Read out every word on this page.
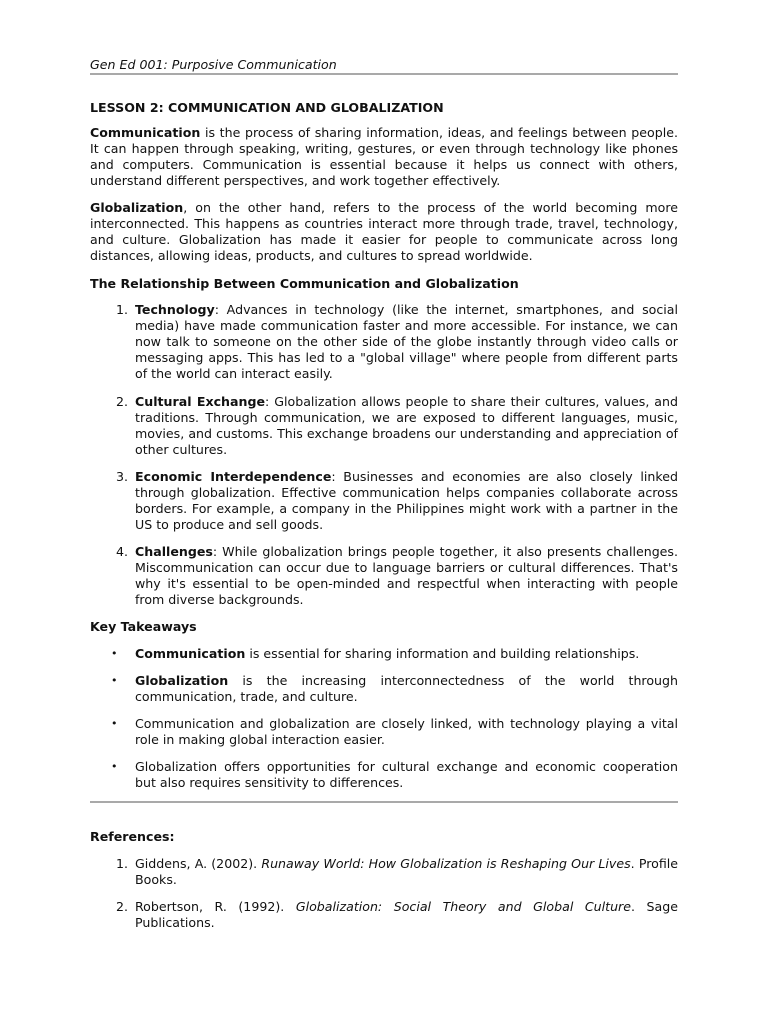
Gen Ed 001: Purposive Communication
LESSON 2: COMMUNICATION AND GLOBALIZATION

Communication is the process of sharing information, ideas, and feelings between people. It can happen through speaking, writing, gestures, or even through technology like phones and computers. Communication is essential because it helps us connect with others, understand different perspectives, and work together effectively.

Globalization, on the other hand, refers to the process of the world becoming more interconnected. This happens as countries interact more through trade, travel, technology, and culture. Globalization has made it easier for people to communicate across long distances, allowing ideas, products, and cultures to spread worldwide.

The Relationship Between Communication and Globalization

1. Technology: Advances in technology (like the internet, smartphones, and social media) have made communication faster and more accessible. For instance, we can now talk to someone on the other side of the globe instantly through video calls or messaging apps. This has led to a "global village" where people from different parts of the world can interact easily.

2. Cultural Exchange: Globalization allows people to share their cultures, values, and traditions. Through communication, we are exposed to different languages, music, movies, and customs. This exchange broadens our understanding and appreciation of other cultures.

3. Economic Interdependence: Businesses and economies are also closely linked through globalization. Effective communication helps companies collaborate across borders. For example, a company in the Philippines might work with a partner in the US to produce and sell goods.

4. Challenges: While globalization brings people together, it also presents challenges. Miscommunication can occur due to language barriers or cultural differences. That's why it's essential to be open-minded and respectful when interacting with people from diverse backgrounds.

Key Takeaways

• Communication is essential for sharing information and building relationships.

• Globalization is the increasing interconnectedness of the world through communication, trade, and culture.

• Communication and globalization are closely linked, with technology playing a vital role in making global interaction easier.

• Globalization offers opportunities for cultural exchange and economic cooperation but also requires sensitivity to differences.

References:

1. Giddens, A. (2002). Runaway World: How Globalization is Reshaping Our Lives. Profile Books.

2. Robertson, R. (1992). Globalization: Social Theory and Global Culture. Sage Publications.
